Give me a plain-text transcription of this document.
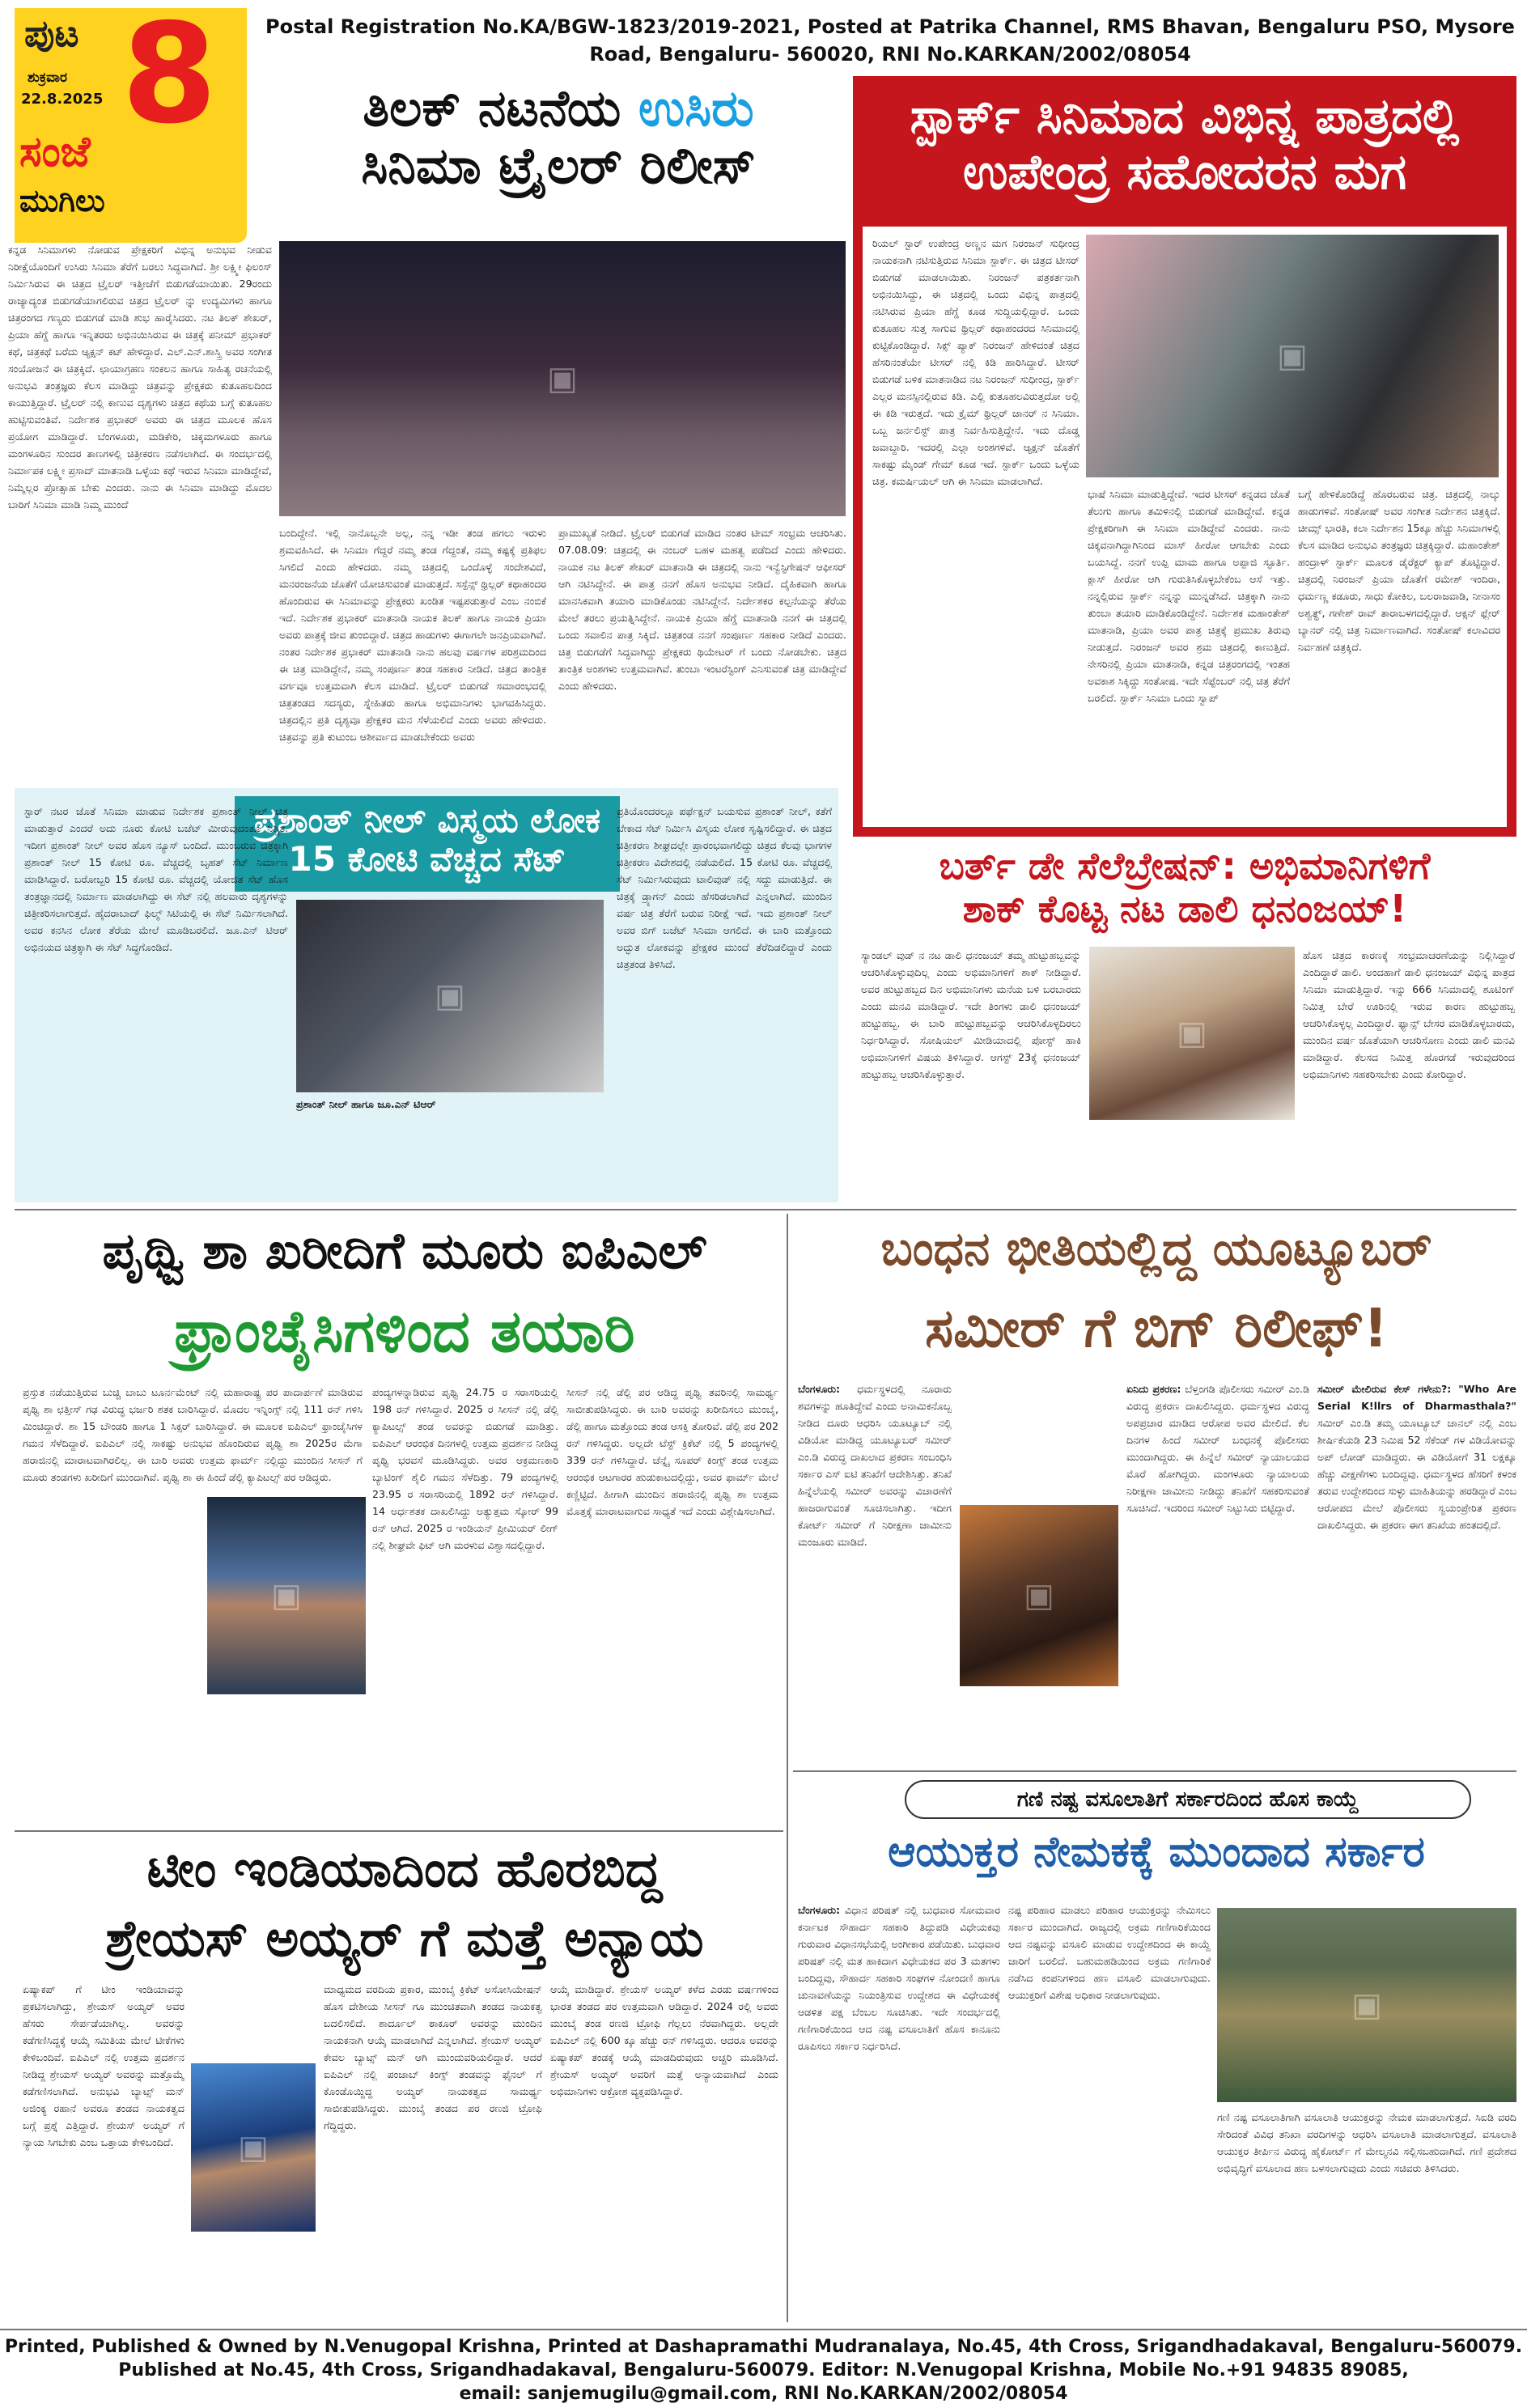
ಪುಟ 8
ಶುಕ್ರವಾರ
22.8.2025
ಸಂಜೆ
ಮುಗಿಲು
Postal Registration No.KA/BGW-1823/2019-2021, Posted at Patrika Channel, RMS Bhavan, Bengaluru PSO, Mysore Road, Bengaluru- 560020, RNI No.KARKAN/2002/08054
ತಿಲಕ್ ನಟನೆಯ ಉಸಿರು
ಸಿನಿಮಾ ಟ್ರೈಲರ್ ರಿಲೀಸ್
▣
ಕನ್ನಡ ಸಿನಿಮಾಗಳು ನೋಡುವ ಪ್ರೇಕ್ಷಕರಿಗೆ ವಿಭಿನ್ನ ಅನುಭವ ನೀಡುವ ನಿರೀಕ್ಷೆಯೊಂದಿಗೆ ಉಸಿರು ಸಿನಿಮಾ ತೆರೆಗೆ ಬರಲು ಸಿದ್ಧವಾಗಿದೆ. ಶ್ರೀ ಲಕ್ಷ್ಮೀ ಫಿಲಂಸ್ ನಿರ್ಮಿಸಿರುವ ಈ ಚಿತ್ರದ ಟ್ರೈಲರ್ ಇತ್ತೀಚೆಗೆ ಬಿಡುಗಡೆಯಾಯಿತು. 29ರಂದು ರಾಜ್ಯಾದ್ಯಂತ ಬಿಡುಗಡೆಯಾಗಲಿರುವ ಚಿತ್ರದ ಟ್ರೈಲರ್ ನ್ನು ಉದ್ಯಮಿಗಳು ಹಾಗೂ ಚಿತ್ರರಂಗದ ಗಣ್ಯರು ಬಿಡುಗಡೆ ಮಾಡಿ ಶುಭ ಹಾರೈಸಿದರು. ನಟ ತಿಲಕ್ ಶೇಖರ್, ಪ್ರಿಯಾ ಹೆಗ್ಡೆ ಹಾಗೂ ಇನ್ನಿತರರು ಅಭಿನಯಿಸಿರುವ ಈ ಚಿತ್ರಕ್ಕೆ ಪನೀಮ್ ಪ್ರಭಾಕರ್ ಕಥೆ, ಚಿತ್ರಕಥೆ ಬರೆದು ಆ್ಯಕ್ಷನ್ ಕಟ್ ಹೇಳಿದ್ದಾರೆ. ಎಲ್.ಎನ್.ಶಾಸ್ತ್ರಿ ಅವರ ಸಂಗೀತ ಸಂಯೋಜನೆ ಈ ಚಿತ್ರಕ್ಕಿದೆ. ಛಾಯಾಗ್ರಹಣ ಸಂಕಲನ ಹಾಗೂ ಸಾಹಿತ್ಯ ರಚನೆಯಲ್ಲಿ ಅನುಭವಿ ತಂತ್ರಜ್ಞರು ಕೆಲಸ ಮಾಡಿದ್ದು ಚಿತ್ರವನ್ನು ಪ್ರೇಕ್ಷಕರು ಕುತೂಹಲದಿಂದ ಕಾಯುತ್ತಿದ್ದಾರೆ. ಟ್ರೈಲರ್ ನಲ್ಲಿ ಕಾಣುವ ದೃಶ್ಯಗಳು ಚಿತ್ರದ ಕಥೆಯ ಬಗ್ಗೆ ಕುತೂಹಲ ಹುಟ್ಟಿಸುವಂತಿವೆ. ನಿರ್ದೇಶಕ ಪ್ರಭಾಕರ್ ಅವರು ಈ ಚಿತ್ರದ ಮೂಲಕ ಹೊಸ ಪ್ರಯೋಗ ಮಾಡಿದ್ದಾರೆ. ಬೆಂಗಳೂರು, ಮಡಿಕೇರಿ, ಚಿಕ್ಕಮಗಳೂರು ಹಾಗೂ ಮಂಗಳೂರಿನ ಸುಂದರ ತಾಣಗಳಲ್ಲಿ ಚಿತ್ರೀಕರಣ ನಡೆಸಲಾಗಿದೆ. ಈ ಸಂದರ್ಭದಲ್ಲಿ ನಿರ್ಮಾಪಕ ಲಕ್ಷ್ಮೀ ಪ್ರಸಾದ್ ಮಾತನಾಡಿ ಒಳ್ಳೆಯ ಕಥೆ ಇರುವ ಸಿನಿಮಾ ಮಾಡಿದ್ದೇವೆ, ನಿಮ್ಮೆಲ್ಲರ ಪ್ರೋತ್ಸಾಹ ಬೇಕು ಎಂದರು. ನಾನು ಈ ಸಿನಿಮಾ ಮಾಡಿದ್ದು ಮೊದಲ ಬಾರಿಗೆ ಸಿನಿಮಾ ಮಾಡಿ ನಿಮ್ಮ ಮುಂದೆ
ಬಂದಿದ್ದೇನೆ. ಇಲ್ಲಿ ನಾನೊಬ್ಬನೇ ಅಲ್ಲ, ನನ್ನ ಇಡೀ ತಂಡ ಹಗಲು ಇರುಳು ಶ್ರಮವಹಿಸಿದೆ. ಈ ಸಿನಿಮಾ ಗೆದ್ದರೆ ನಮ್ಮ ತಂಡ ಗೆದ್ದಂತೆ, ನಮ್ಮ ಕಷ್ಟಕ್ಕೆ ಪ್ರತಿಫಲ ಸಿಗಲಿದೆ ಎಂದು ಹೇಳಿದರು. ನಮ್ಮ ಚಿತ್ರದಲ್ಲಿ ಒಂದೊಳ್ಳೆ ಸಂದೇಶವಿದೆ, ಮನರಂಜನೆಯ ಜೊತೆಗೆ ಯೋಚಿಸುವಂತೆ ಮಾಡುತ್ತದೆ. ಸಸ್ಪೆನ್ಸ್ ಥ್ರಿಲ್ಲರ್ ಕಥಾಹಂದರ ಹೊಂದಿರುವ ಈ ಸಿನಿಮಾವನ್ನು ಪ್ರೇಕ್ಷಕರು ಖಂಡಿತ ಇಷ್ಟಪಡುತ್ತಾರೆ ಎಂಬ ನಂಬಿಕೆ ಇದೆ. ನಿರ್ದೇಶಕ ಪ್ರಭಾಕರ್ ಮಾತನಾಡಿ ನಾಯಕ ತಿಲಕ್ ಹಾಗೂ ನಾಯಕಿ ಪ್ರಿಯಾ ಅವರು ಪಾತ್ರಕ್ಕೆ ಜೀವ ತುಂಬಿದ್ದಾರೆ. ಚಿತ್ರದ ಹಾಡುಗಳು ಈಗಾಗಲೇ ಜನಪ್ರಿಯವಾಗಿವೆ. ನಂತರ ನಿರ್ದೇಶಕ ಪ್ರಭಾಕರ್ ಮಾತನಾಡಿ ನಾನು ಹಲವು ವರ್ಷಗಳ ಪರಿಶ್ರಮದಿಂದ ಈ ಚಿತ್ರ ಮಾಡಿದ್ದೇನೆ, ನಮ್ಮ ಸಂಪೂರ್ಣ ತಂಡ ಸಹಕಾರ ನೀಡಿದೆ. ಚಿತ್ರದ ತಾಂತ್ರಿಕ ವರ್ಗವೂ ಉತ್ತಮವಾಗಿ ಕೆಲಸ ಮಾಡಿದೆ. ಟ್ರೈಲರ್ ಬಿಡುಗಡೆ ಸಮಾರಂಭದಲ್ಲಿ ಚಿತ್ರತಂಡದ ಸದಸ್ಯರು, ಸ್ನೇಹಿತರು ಹಾಗೂ ಅಭಿಮಾನಿಗಳು ಭಾಗವಹಿಸಿದ್ದರು. ಚಿತ್ರದಲ್ಲಿನ ಪ್ರತಿ ದೃಶ್ಯವೂ ಪ್ರೇಕ್ಷಕರ ಮನ ಸೆಳೆಯಲಿದೆ ಎಂದು ಅವರು ಹೇಳಿದರು. ಚಿತ್ರವನ್ನು ಪ್ರತಿ ಕುಟುಂಬ ಆಶೀರ್ವಾದ ಮಾಡಬೇಕೆಂದು ಅವರು
ಪ್ರಾಮುಖ್ಯತೆ ನೀಡಿದೆ. ಟ್ರೈಲರ್ ಬಿಡುಗಡೆ ಮಾಡಿದ ನಂತರ ಟೀಮ್ ಸಂಭ್ರಮ ಆಚರಿಸಿತು. 07.08.09: ಚಿತ್ರದಲ್ಲಿ ಈ ನಂಬರ್ ಬಹಳ ಮಹತ್ವ ಪಡೆದಿದೆ ಎಂದು ಹೇಳಿದರು. ನಾಯಕ ನಟ ತಿಲಕ್ ಶೇಖರ್ ಮಾತನಾಡಿ ಈ ಚಿತ್ರದಲ್ಲಿ ನಾನು ಇನ್ವೆಸ್ಟಿಗೇಷನ್ ಆಫೀಸರ್ ಆಗಿ ನಟಿಸಿದ್ದೇನೆ. ಈ ಪಾತ್ರ ನನಗೆ ಹೊಸ ಅನುಭವ ನೀಡಿದೆ. ದೈಹಿಕವಾಗಿ ಹಾಗೂ ಮಾನಸಿಕವಾಗಿ ತಯಾರಿ ಮಾಡಿಕೊಂಡು ನಟಿಸಿದ್ದೇನೆ. ನಿರ್ದೇಶಕರ ಕಲ್ಪನೆಯನ್ನು ತೆರೆಯ ಮೇಲೆ ತರಲು ಪ್ರಯತ್ನಿಸಿದ್ದೇನೆ. ನಾಯಕಿ ಪ್ರಿಯಾ ಹೆಗ್ಡೆ ಮಾತನಾಡಿ ನನಗೆ ಈ ಚಿತ್ರದಲ್ಲಿ ಒಂದು ಸವಾಲಿನ ಪಾತ್ರ ಸಿಕ್ಕಿದೆ. ಚಿತ್ರತಂಡ ನನಗೆ ಸಂಪೂರ್ಣ ಸಹಕಾರ ನೀಡಿದೆ ಎಂದರು. ಚಿತ್ರ ಬಿಡುಗಡೆಗೆ ಸಿದ್ಧವಾಗಿದ್ದು ಪ್ರೇಕ್ಷಕರು ಥಿಯೇಟರ್ ಗೆ ಬಂದು ನೋಡಬೇಕು. ಚಿತ್ರದ ತಾಂತ್ರಿಕ ಅಂಶಗಳು ಉತ್ತಮವಾಗಿವೆ. ತುಂಬಾ ಇಂಟರೆಸ್ಟಿಂಗ್ ಎನಿಸುವಂತೆ ಚಿತ್ರ ಮಾಡಿದ್ದೇವೆ ಎಂದು ಹೇಳಿದರು.
ಸ್ಪಾರ್ಕ್ ಸಿನಿಮಾದ ವಿಭಿನ್ನ ಪಾತ್ರದಲ್ಲಿ
ಉಪೇಂದ್ರ ಸಹೋದರನ ಮಗ
▣
ರಿಯಲ್ ಸ್ಟಾರ್ ಉಪೇಂದ್ರ ಅಣ್ಣನ ಮಗ ನಿರಂಜನ್ ಸುಧೀಂದ್ರ ನಾಯಕನಾಗಿ ನಟಿಸುತ್ತಿರುವ ಸಿನಿಮಾ ಸ್ಪಾರ್ಕ್. ಈ ಚಿತ್ರದ ಟೀಸರ್ ಬಿಡುಗಡೆ ಮಾಡಲಾಯಿತು. ನಿರಂಜನ್ ಪತ್ರಕರ್ತನಾಗಿ ಅಭಿನಯಿಸಿದ್ದು, ಈ ಚಿತ್ರದಲ್ಲಿ ಒಂದು ವಿಭಿನ್ನ ಪಾತ್ರದಲ್ಲಿ ನಟಿಸಿರುವ ಪ್ರಿಯಾ ಹೆಗ್ಡೆ ಕೂಡ ಸುದ್ದಿಯಲ್ಲಿದ್ದಾರೆ. ಒಂದು ಕುತೂಹಲ ಸುತ್ತ ಸಾಗುವ ಥ್ರಿಲ್ಲರ್ ಕಥಾಹಂದರದ ಸಿನಿಮಾದಲ್ಲಿ ಕುಟ್ಟಿಕೊಂಡಿದ್ದಾರೆ. ಸಿಕ್ಸ್ ಪ್ಯಾಕ್ ನಿರಂಜನ್ ಹೇಳಿದಂತೆ ಚಿತ್ರದ ಹೆಸರಿನಂತೆಯೇ ಟೀಸರ್ ನಲ್ಲಿ ಕಿಡಿ ಹಾರಿಸಿದ್ದಾರೆ. ಟೀಸರ್ ಬಿಡುಗಡೆ ಬಳಿಕ ಮಾತನಾಡಿದ ನಟ ನಿರಂಜನ್ ಸುಧೀಂದ್ರ, ಸ್ಪಾರ್ಕ್ ಎಲ್ಲರ ಮನಸ್ಸಿನಲ್ಲಿರುವ ಕಿಡಿ. ಎಲ್ಲಿ ಕುತೂಹಲವಿರುತ್ತದೋ ಅಲ್ಲಿ ಈ ಕಿಡಿ ಇರುತ್ತದೆ. ಇದು ಕ್ರೈಮ್ ಥ್ರಿಲ್ಲರ್ ಜಾನರ್ ನ ಸಿನಿಮಾ. ಒಬ್ಬ ಜರ್ನಲಿಸ್ಟ್ ಪಾತ್ರ ನಿರ್ವಹಿಸುತ್ತಿದ್ದೇನೆ. ಇದು ದೊಡ್ಡ ಜವಾಬ್ದಾರಿ. ಇದರಲ್ಲಿ ಎಲ್ಲಾ ಅಂಶಗಳಿವೆ. ಆ್ಯಕ್ಷನ್ ಜೊತೆಗೆ ಸಾಕಷ್ಟು ಮೈಂಡ್ ಗೇಮ್ ಕೂಡ ಇದೆ. ಸ್ಪಾರ್ಕ್ ಒಂದು ಒಳ್ಳೆಯ ಚಿತ್ರ. ಕಮರ್ಷಿಯಲ್ ಆಗಿ ಈ ಸಿನಿಮಾ ಮಾಡಲಾಗಿದೆ.
ಭಾಷೆ ಸಿನಿಮಾ ಮಾಡುತ್ತಿದ್ದೇವೆ. ಇದರ ಟೀಸರ್ ಕನ್ನಡದ ಜೊತೆ ತೆಲುಗು ಹಾಗೂ ತಮಿಳಿನಲ್ಲಿ ಬಿಡುಗಡೆ ಮಾಡಿದ್ದೇವೆ. ಕನ್ನಡ ಪ್ರೇಕ್ಷಕರಿಗಾಗಿ ಈ ಸಿನಿಮಾ ಮಾಡಿದ್ದೇವೆ ಎಂದರು. ನಾನು ಚಿಕ್ಕವನಾಗಿದ್ದಾಗಿನಿಂದ ಮಾಸ್ ಹೀರೋ ಆಗಬೇಕು ಎಂದು ಬಯಸಿದ್ದೆ. ನನಗೆ ಉಪ್ಪಿ ಮಾಮ ಹಾಗೂ ಅಪ್ಪಾಜಿ ಸ್ಫೂರ್ತಿ. ಕ್ಲಾಸ್ ಹೀರೋ ಆಗಿ ಗುರುತಿಸಿಕೊಳ್ಳಬೇಕೆಂಬ ಆಸೆ ಇತ್ತು. ನನ್ನಲ್ಲಿರುವ ಸ್ಪಾರ್ಕ್ ನನ್ನನ್ನು ಮುನ್ನಡೆಸಿದೆ. ಚಿತ್ರಕ್ಕಾಗಿ ನಾನು ತುಂಬಾ ತಯಾರಿ ಮಾಡಿಕೊಂಡಿದ್ದೇನೆ. ನಿರ್ದೇಶಕ ಮಹಾಂತೇಶ್ ಮಾತನಾಡಿ, ಪ್ರಿಯಾ ಅವರ ಪಾತ್ರ ಚಿತ್ರಕ್ಕೆ ಪ್ರಮುಖ ತಿರುವು ನೀಡುತ್ತದೆ. ನಿರಂಜನ್ ಅವರ ಶ್ರಮ ಚಿತ್ರದಲ್ಲಿ ಕಾಣುತ್ತಿದೆ. ನೇಸರಿನಲ್ಲಿ ಪ್ರಿಯಾ ಮಾತನಾಡಿ, ಕನ್ನಡ ಚಿತ್ರರಂಗದಲ್ಲಿ ಇಂತಹ ಅವಕಾಶ ಸಿಕ್ಕಿದ್ದು ಸಂತೋಷ. ಇದೇ ಸೆಪ್ಟೆಂಬರ್ ನಲ್ಲಿ ಚಿತ್ರ ತೆರೆಗೆ ಬರಲಿದೆ. ಸ್ಪಾರ್ಕ್ ಸಿನಿಮಾ ಒಂದು ಸ್ವಾಪ್
ಬಗ್ಗೆ ಹೇಳಿಕೊಂಡಿದ್ದೆ ಹೊರಬರುವ ಚಿತ್ರ. ಚಿತ್ರದಲ್ಲಿ ನಾಲ್ಕು ಹಾಡುಗಳಿವೆ. ಸಂತೋಷ್ ಅವರ ಸಂಗೀತ ನಿರ್ದೇಶನ ಚಿತ್ರಕ್ಕಿದೆ. ಚೀಮ್ಸ್ ಭಾರತಿ, ಕಲಾ ನಿರ್ದೇಶನ 15ಕ್ಕೂ ಹೆಚ್ಚು ಸಿನಿಮಾಗಳಲ್ಲಿ ಕೆಲಸ ಮಾಡಿದ ಅನುಭವಿ ತಂತ್ರಜ್ಞರು ಚಿತ್ರಕ್ಕಿದ್ದಾರೆ. ಮಹಾಂತೇಶ್ ಹಂದ್ರಾಳ್ ಸ್ಪಾರ್ಕ್ ಮೂಲಕ ಡೈರೆಕ್ಟರ್ ಕ್ಯಾಪ್ ತೊಟ್ಟಿದ್ದಾರೆ. ಚಿತ್ರದಲ್ಲಿ ನಿರಂಜನ್ ಪ್ರಿಯಾ ಜೊತೆಗೆ ರಮೇಶ್ ಇಂದಿರಾ, ಧರ್ಮಣ್ಣ ಕಡೂರು, ಸಾಧು ಕೋಕಿಲ, ಬಲರಾಜವಾಡಿ, ನೀನಾಸಂ ಅಶ್ವತ್ಥ್, ಗಣೇಶ್ ರಾವ್ ತಾರಾಬಳಗದಲ್ಲಿದ್ದಾರೆ. ಆಕ್ಸನ್ ಫ್ಲೇರ್ ಬ್ಯಾನರ್ ನಲ್ಲಿ ಚಿತ್ರ ನಿರ್ಮಾಣವಾಗಿದೆ. ಸಂತೋಷ್ ಕಲಾವಿದರ ನಿರ್ವಹಣೆ ಚಿತ್ರಕ್ಕಿದೆ.
ಪ್ರಶಾಂತ್ ನೀಲ್ ವಿಸ್ಮಯ ಲೋಕ
15 ಕೋಟಿ ವೆಚ್ಚದ ಸೆಟ್
▣
ಪ್ರಶಾಂತ್ ನೀಲ್ ಹಾಗೂ ಜೂ.ಎನ್ ಟಿಆರ್
ಸ್ಟಾರ್ ನಟರ ಜೊತೆ ಸಿನಿಮಾ ಮಾಡುವ ನಿರ್ದೇಶಕ ಪ್ರಶಾಂತ್ ನೀಲ್ ಚಿತ್ರ ಮಾಡುತ್ತಾರೆ ಎಂದರೆ ಅದು ನೂರು ಕೋಟಿ ಬಜೆಟ್ ಮೀರುವುದಂತೂ ನಿಶ್ಚಿತ. ಇದೀಗ ಪ್ರಶಾಂತ್ ನೀಲ್ ಅವರ ಹೊಸ ನ್ಯೂಸ್ ಬಂದಿದೆ. ಮುಂಬರುವ ಚಿತ್ರಕ್ಕಾಗಿ ಪ್ರಶಾಂತ್ ನೀಲ್ 15 ಕೋಟಿ ರೂ. ವೆಚ್ಚದಲ್ಲಿ ಬೃಹತ್ ಸೆಟ್ ನಿರ್ಮಾಣ ಮಾಡಿಸಿದ್ದಾರೆ. ಬರೋಬ್ಬರಿ 15 ಕೋಟಿ ರೂ. ವೆಚ್ಚದಲ್ಲಿ ಯೋಜಿತ ಸೆಟ್ ಹೊಸ ತಂತ್ರಜ್ಞಾನದಲ್ಲಿ ನಿರ್ಮಾಣ ಮಾಡಲಾಗಿದ್ದು ಈ ಸೆಟ್ ನಲ್ಲಿ ಹಲವಾರು ದೃಶ್ಯಗಳನ್ನು ಚಿತ್ರೀಕರಿಸಲಾಗುತ್ತದೆ. ಹೈದರಾಬಾದ್ ಫಿಲ್ಮ್ ಸಿಟಿಯಲ್ಲಿ ಈ ಸೆಟ್ ನಿರ್ಮಿಸಲಾಗಿದೆ. ಅವರ ಕನಸಿನ ಲೋಕ ತೆರೆಯ ಮೇಲೆ ಮೂಡಿಬರಲಿದೆ. ಜೂ.ಎನ್ ಟಿಆರ್ ಅಭಿನಯದ ಚಿತ್ರಕ್ಕಾಗಿ ಈ ಸೆಟ್ ಸಿದ್ಧಗೊಂಡಿದೆ.
ಪ್ರತಿಯೊಂದರಲ್ಲೂ ಪರ್ಫೆಕ್ಷನ್ ಬಯಸುವ ಪ್ರಶಾಂತ್ ನೀಲ್, ಕತೆಗೆ ಬೇಕಾದ ಸೆಟ್ ನಿರ್ಮಿಸಿ ವಿಸ್ಮಯ ಲೋಕ ಸೃಷ್ಟಿಸಲಿದ್ದಾರೆ. ಈ ಚಿತ್ರದ ಚಿತ್ರೀಕರಣ ಶೀಘ್ರದಲ್ಲೇ ಪ್ರಾರಂಭವಾಗಲಿದ್ದು ಚಿತ್ರದ ಕೆಲವು ಭಾಗಗಳ ಚಿತ್ರೀಕರಣ ವಿದೇಶದಲ್ಲಿ ನಡೆಯಲಿದೆ. 15 ಕೋಟಿ ರೂ. ವೆಚ್ಚದಲ್ಲಿ ಸೆಟ್ ನಿರ್ಮಿಸಿರುವುದು ಟಾಲಿವುಡ್ ನಲ್ಲಿ ಸದ್ದು ಮಾಡುತ್ತಿದೆ. ಈ ಚಿತ್ರಕ್ಕೆ ಡ್ರ್ಯಾಗನ್ ಎಂದು ಹೆಸರಿಡಲಾಗಿದೆ ಎನ್ನಲಾಗಿದೆ. ಮುಂದಿನ ವರ್ಷ ಚಿತ್ರ ತೆರೆಗೆ ಬರುವ ನಿರೀಕ್ಷೆ ಇದೆ. ಇದು ಪ್ರಶಾಂತ್ ನೀಲ್ ಅವರ ಬಿಗ್ ಬಜೆಟ್ ಸಿನಿಮಾ ಆಗಲಿದೆ. ಈ ಬಾರಿ ಮತ್ತೊಂದು ಅದ್ಭುತ ಲೋಕವನ್ನು ಪ್ರೇಕ್ಷಕರ ಮುಂದೆ ತೆರೆದಿಡಲಿದ್ದಾರೆ ಎಂದು ಚಿತ್ರತಂಡ ತಿಳಿಸಿದೆ.
ಬರ್ತ್ ಡೇ ಸೆಲೆಬ್ರೇಷನ್: ಅಭಿಮಾನಿಗಳಿಗೆ
ಶಾಕ್ ಕೊಟ್ಟ ನಟ ಡಾಲಿ ಧನಂಜಯ್!
▣
ಸ್ಯಾಂಡಲ್ ವುಡ್ ನ ನಟ ಡಾಲಿ ಧನಂಜಯ್ ತಮ್ಮ ಹುಟ್ಟುಹಬ್ಬವನ್ನು ಆಚರಿಸಿಕೊಳ್ಳುವುದಿಲ್ಲ ಎಂದು ಅಭಿಮಾನಿಗಳಿಗೆ ಶಾಕ್ ನೀಡಿದ್ದಾರೆ. ಅವರ ಹುಟ್ಟುಹಬ್ಬದ ದಿನ ಅಭಿಮಾನಿಗಳು ಮನೆಯ ಬಳಿ ಬರಬಾರದು ಎಂದು ಮನವಿ ಮಾಡಿದ್ದಾರೆ. ಇದೇ ತಿಂಗಳು ಡಾಲಿ ಧನಂಜಯ್ ಹುಟ್ಟುಹಬ್ಬ. ಈ ಬಾರಿ ಹುಟ್ಟುಹಬ್ಬವನ್ನು ಆಚರಿಸಿಕೊಳ್ಳದಿರಲು ನಿರ್ಧರಿಸಿದ್ದಾರೆ. ಸೋಷಿಯಲ್ ಮೀಡಿಯಾದಲ್ಲಿ ಪೋಸ್ಟ್ ಹಾಕಿ ಅಭಿಮಾನಿಗಳಿಗೆ ವಿಷಯ ತಿಳಿಸಿದ್ದಾರೆ. ಆಗಸ್ಟ್ 23ಕ್ಕೆ ಧನಂಜಯ್ ಹುಟ್ಟುಹಬ್ಬ ಆಚರಿಸಿಕೊಳ್ಳುತ್ತಾರೆ.
ಹೊಸ ಚಿತ್ರದ ಕಾರಣಕ್ಕೆ ಸಂಭ್ರಮಾಚರಣೆಯನ್ನು ನಿಲ್ಲಿಸಿದ್ದಾರೆ ಎಂದಿದ್ದಾರೆ ಡಾಲಿ. ಅಂದಹಾಗೆ ಡಾಲಿ ಧನಂಜಯ್ ವಿಭಿನ್ನ ಪಾತ್ರದ ಸಿನಿಮಾ ಮಾಡುತ್ತಿದ್ದಾರೆ. ಇನ್ನು 666 ಸಿನಿಮಾದಲ್ಲಿ ಶೂಟಿಂಗ್ ನಿಮಿತ್ತ ಬೇರೆ ಊರಿನಲ್ಲಿ ಇರುವ ಕಾರಣ ಹುಟ್ಟುಹಬ್ಬ ಆಚರಿಸಿಕೊಳ್ಳಲ್ಲ ಎಂದಿದ್ದಾರೆ. ಫ್ಯಾನ್ಸ್ ಬೇಸರ ಮಾಡಿಕೊಳ್ಳಬಾರದು, ಮುಂದಿನ ವರ್ಷ ಜೊತೆಯಾಗಿ ಆಚರಿಸೋಣ ಎಂದು ಡಾಲಿ ಮನವಿ ಮಾಡಿದ್ದಾರೆ. ಕೆಲಸದ ನಿಮಿತ್ತ ಹೊರಗಡೆ ಇರುವುದರಿಂದ ಅಭಿಮಾನಿಗಳು ಸಹಕರಿಸಬೇಕು ಎಂದು ಕೋರಿದ್ದಾರೆ.
ಪೃಥ್ವಿ ಶಾ ಖರೀದಿಗೆ ಮೂರು ಐಪಿಎಲ್
ಫ್ರಾಂಚೈಸಿಗಳಿಂದ ತಯಾರಿ
▣
ಪ್ರಸ್ತುತ ನಡೆಯುತ್ತಿರುವ ಬುಚ್ಚಿ ಬಾಬು ಟೂರ್ನಮೆಂಟ್ ನಲ್ಲಿ ಮಹಾರಾಷ್ಟ್ರ ಪರ ಪಾದಾರ್ಪಣೆ ಮಾಡಿರುವ ಪೃಥ್ವಿ ಶಾ ಛತ್ತೀಸ್ ಗಢ ವಿರುದ್ಧ ಭರ್ಜರಿ ಶತಕ ಬಾರಿಸಿದ್ದಾರೆ. ಮೊದಲ ಇನ್ನಿಂಗ್ಸ್ ನಲ್ಲಿ 111 ರನ್ ಗಳಿಸಿ ಮಿಂಚಿದ್ದಾರೆ. ಶಾ 15 ಬೌಂಡರಿ ಹಾಗೂ 1 ಸಿಕ್ಸರ್ ಬಾರಿಸಿದ್ದಾರೆ. ಈ ಮೂಲಕ ಐಪಿಎಲ್ ಫ್ರಾಂಚೈಸಿಗಳ ಗಮನ ಸೆಳೆದಿದ್ದಾರೆ. ಐಪಿಎಲ್ ನಲ್ಲಿ ಸಾಕಷ್ಟು ಅನುಭವ ಹೊಂದಿರುವ ಪೃಥ್ವಿ ಶಾ 2025ರ ಮೆಗಾ ಹರಾಜಿನಲ್ಲಿ ಮಾರಾಟವಾಗಿರಲಿಲ್ಲ. ಈ ಬಾರಿ ಅವರು ಉತ್ತಮ ಫಾರ್ಮ್ ನಲ್ಲಿದ್ದು ಮುಂದಿನ ಸೀಸನ್ ಗೆ ಮೂರು ತಂಡಗಳು ಖರೀದಿಗೆ ಮುಂದಾಗಿವೆ. ಪೃಥ್ವಿ ಶಾ ಈ ಹಿಂದೆ ಡೆಲ್ಲಿ ಕ್ಯಾಪಿಟಲ್ಸ್ ಪರ ಆಡಿದ್ದರು.
ಪಂದ್ಯಗಳನ್ನಾಡಿರುವ ಪೃಥ್ವಿ 24.75 ರ ಸರಾಸರಿಯಲ್ಲಿ 198 ರನ್ ಗಳಿಸಿದ್ದಾರೆ. 2025 ರ ಸೀಸನ್ ನಲ್ಲಿ ಡೆಲ್ಲಿ ಕ್ಯಾಪಿಟಲ್ಸ್ ತಂಡ ಅವರನ್ನು ಬಿಡುಗಡೆ ಮಾಡಿತ್ತು. ಐಪಿಎಲ್ ಆರಂಭಿಕ ದಿನಗಳಲ್ಲಿ ಉತ್ತಮ ಪ್ರದರ್ಶನ ನೀಡಿದ್ದ ಪೃಥ್ವಿ ಭರವಸೆ ಮೂಡಿಸಿದ್ದರು. ಅವರ ಆಕ್ರಮಣಕಾರಿ ಬ್ಯಾಟಿಂಗ್ ಶೈಲಿ ಗಮನ ಸೆಳೆದಿತ್ತು. 79 ಪಂದ್ಯಗಳಲ್ಲಿ 23.95 ರ ಸರಾಸರಿಯಲ್ಲಿ 1892 ರನ್ ಗಳಿಸಿದ್ದಾರೆ. 14 ಅರ್ಧಶತಕ ದಾಖಲಿಸಿದ್ದು ಅತ್ಯುತ್ತಮ ಸ್ಕೋರ್ 99 ರನ್ ಆಗಿದೆ. 2025 ರ ಇಂಡಿಯನ್ ಪ್ರೀಮಿಯರ್ ಲೀಗ್ ನಲ್ಲಿ ಶೀಘ್ರವೇ ಫಿಟ್ ಆಗಿ ಮರಳುವ ವಿಶ್ವಾಸದಲ್ಲಿದ್ದಾರೆ.
ಸೀಸನ್ ನಲ್ಲಿ ಡೆಲ್ಲಿ ಪರ ಆಡಿದ್ದ ಪೃಥ್ವಿ ತವರಿನಲ್ಲಿ ಸಾಮರ್ಥ್ಯ ಸಾಬೀತುಪಡಿಸಿದ್ದರು. ಈ ಬಾರಿ ಅವರನ್ನು ಖರೀದಿಸಲು ಮುಂಬೈ, ಡೆಲ್ಲಿ ಹಾಗೂ ಮತ್ತೊಂದು ತಂಡ ಆಸಕ್ತಿ ತೋರಿವೆ. ಡೆಲ್ಲಿ ಪರ 202 ರನ್ ಗಳಿಸಿದ್ದರು. ಅಲ್ಲದೇ ಟೆಸ್ಟ್ ಕ್ರಿಕೆಟ್ ನಲ್ಲಿ 5 ಪಂದ್ಯಗಳಲ್ಲಿ 339 ರನ್ ಗಳಿಸಿದ್ದಾರೆ. ಚೆನ್ನೈ ಸೂಪರ್ ಕಿಂಗ್ಸ್ ತಂಡ ಉತ್ತಮ ಆರಂಭಿಕ ಆಟಗಾರರ ಹುಡುಕಾಟದಲ್ಲಿದ್ದು, ಅವರ ಫಾರ್ಮ್ ಮೇಲೆ ಕಣ್ಣಿಟ್ಟಿದೆ. ಹೀಗಾಗಿ ಮುಂದಿನ ಹರಾಜಿನಲ್ಲಿ ಪೃಥ್ವಿ ಶಾ ಉತ್ತಮ ಮೊತ್ತಕ್ಕೆ ಮಾರಾಟವಾಗುವ ಸಾಧ್ಯತೆ ಇದೆ ಎಂದು ವಿಶ್ಲೇಷಿಸಲಾಗಿದೆ.
ಬಂಧನ ಭೀತಿಯಲ್ಲಿದ್ದ ಯೂಟ್ಯೂಬರ್
ಸಮೀರ್ ಗೆ ಬಿಗ್ ರಿಲೀಫ್!
▣
ಬೆಂಗಳೂರು: ಧರ್ಮಸ್ಥಳದಲ್ಲಿ ನೂರಾರು ಶವಗಳನ್ನು ಹೂತಿದ್ದೇವೆ ಎಂದು ಅನಾಮಿಕನೊಬ್ಬ ನೀಡಿದ ದೂರು ಆಧರಿಸಿ ಯೂಟ್ಯೂಬ್ ನಲ್ಲಿ ವಿಡಿಯೋ ಮಾಡಿದ್ದ ಯೂಟ್ಯೂಬರ್ ಸಮೀರ್ ಎಂ.ಡಿ ವಿರುದ್ಧ ದಾಖಲಾದ ಪ್ರಕರಣ ಸಂಬಂಧಿಸಿ ಸರ್ಕಾರ ಎಸ್ ಐಟಿ ತನಿಖೆಗೆ ಆದೇಶಿಸಿತ್ತು. ತನಿಖೆ ಹಿನ್ನೆಲೆಯಲ್ಲಿ ಸಮೀರ್ ಅವರನ್ನು ವಿಚಾರಣೆಗೆ ಹಾಜರಾಗುವಂತೆ ಸೂಚಿಸಲಾಗಿತ್ತು. ಇದೀಗ ಕೋರ್ಟ್ ಸಮೀರ್ ಗೆ ನಿರೀಕ್ಷಣಾ ಜಾಮೀನು ಮಂಜೂರು ಮಾಡಿದೆ.
ಏನಿದು ಪ್ರಕರಣ: ಬೆಳ್ತಂಗಡಿ ಪೊಲೀಸರು ಸಮೀರ್ ಎಂ.ಡಿ ವಿರುದ್ಧ ಪ್ರಕರಣ ದಾಖಲಿಸಿದ್ದರು. ಧರ್ಮಸ್ಥಳದ ವಿರುದ್ಧ ಅಪಪ್ರಚಾರ ಮಾಡಿದ ಆರೋಪ ಅವರ ಮೇಲಿದೆ. ಕೆಲ ದಿನಗಳ ಹಿಂದೆ ಸಮೀರ್ ಬಂಧನಕ್ಕೆ ಪೊಲೀಸರು ಮುಂದಾಗಿದ್ದರು. ಈ ಹಿನ್ನೆಲೆ ಸಮೀರ್ ನ್ಯಾಯಾಲಯದ ಮೊರೆ ಹೋಗಿದ್ದರು. ಮಂಗಳೂರು ನ್ಯಾಯಾಲಯ ನಿರೀಕ್ಷಣಾ ಜಾಮೀನು ನೀಡಿದ್ದು ತನಿಖೆಗೆ ಸಹಕರಿಸುವಂತೆ ಸೂಚಿಸಿದೆ. ಇದರಿಂದ ಸಮೀರ್ ನಿಟ್ಟುಸಿರು ಬಿಟ್ಟಿದ್ದಾರೆ.
ಸಮೀರ್ ಮೇಲಿರುವ ಕೇಸ್ ಗಳೇನು?: "Who Are Serial K!llrs of Dharmasthala?" ಸಮೀರ್ ಎಂ.ಡಿ ತಮ್ಮ ಯೂಟ್ಯೂಬ್ ಚಾನಲ್ ನಲ್ಲಿ ಎಂಬ ಶೀರ್ಷಿಕೆಯಡಿ 23 ನಿಮಿಷ 52 ಸೆಕೆಂಡ್ ಗಳ ವಿಡಿಯೋವನ್ನು ಅಪ್ ಲೋಡ್ ಮಾಡಿದ್ದರು. ಈ ವಿಡಿಯೋಗೆ 31 ಲಕ್ಷಕ್ಕೂ ಹೆಚ್ಚು ವೀಕ್ಷಣೆಗಳು ಬಂದಿದ್ದವು. ಧರ್ಮಸ್ಥಳದ ಹೆಸರಿಗೆ ಕಳಂಕ ತರುವ ಉದ್ದೇಶದಿಂದ ಸುಳ್ಳು ಮಾಹಿತಿಯನ್ನು ಹರಡಿದ್ದಾರೆ ಎಂಬ ಆರೋಪದ ಮೇಲೆ ಪೊಲೀಸರು ಸ್ವಯಂಪ್ರೇರಿತ ಪ್ರಕರಣ ದಾಖಲಿಸಿದ್ದರು. ಈ ಪ್ರಕರಣ ಈಗ ತನಿಖೆಯ ಹಂತದಲ್ಲಿದೆ.
ಟೀಂ ಇಂಡಿಯಾದಿಂದ ಹೊರಬಿದ್ದ
ಶ್ರೇಯಸ್ ಅಯ್ಯರ್ ಗೆ ಮತ್ತೆ ಅನ್ಯಾಯ
▣
ಏಷ್ಯಾಕಪ್ ಗೆ ಟೀಂ ಇಂಡಿಯಾವನ್ನು ಪ್ರಕಟಿಸಲಾಗಿದ್ದು, ಶ್ರೇಯಸ್ ಅಯ್ಯರ್ ಅವರ ಹೆಸರು ಸೇರ್ಪಡೆಯಾಗಿಲ್ಲ. ಅವರನ್ನು ಕಡೆಗಣಿಸಿದ್ದಕ್ಕೆ ಆಯ್ಕೆ ಸಮಿತಿಯ ಮೇಲೆ ಟೀಕೆಗಳು ಕೇಳಿಬಂದಿವೆ. ಐಪಿಎಲ್ ನಲ್ಲಿ ಉತ್ತಮ ಪ್ರದರ್ಶನ ನೀಡಿದ್ದ ಶ್ರೇಯಸ್ ಅಯ್ಯರ್ ಅವರನ್ನು ಮತ್ತೊಮ್ಮೆ ಕಡೆಗಣಿಸಲಾಗಿದೆ. ಅನುಭವಿ ಬ್ಯಾಟ್ಸ್ ಮನ್ ಅಜಿಂಕ್ಯ ರಹಾನೆ ಅವರೂ ತಂಡದ ನಾಯಕತ್ವದ ಬಗ್ಗೆ ಪ್ರಶ್ನೆ ಎತ್ತಿದ್ದಾರೆ. ಶ್ರೇಯಸ್ ಅಯ್ಯರ್ ಗೆ ನ್ಯಾಯ ಸಿಗಬೇಕು ಎಂಬ ಒತ್ತಾಯ ಕೇಳಿಬಂದಿದೆ.
ಮಾಧ್ಯಮದ ವರದಿಯ ಪ್ರಕಾರ, ಮುಂಬೈ ಕ್ರಿಕೆಟ್ ಅಸೋಸಿಯೇಷನ್ ಹೊಸ ದೇಶೀಯ ಸೀಸನ್ ಗೂ ಮುಂಚಿತವಾಗಿ ತಂಡದ ನಾಯಕತ್ವ ಬದಲಿಸಲಿದೆ. ಶಾರ್ದೂಲ್ ಠಾಕೂರ್ ಅವರನ್ನು ಮುಂದಿನ ನಾಯಕನಾಗಿ ಆಯ್ಕೆ ಮಾಡಲಾಗಿದೆ ಎನ್ನಲಾಗಿದೆ. ಶ್ರೇಯಸ್ ಅಯ್ಯರ್ ಕೇವಲ ಬ್ಯಾಟ್ಸ್ ಮನ್ ಆಗಿ ಮುಂದುವರಿಯಲಿದ್ದಾರೆ. ಆದರೆ ಐಪಿಎಲ್ ನಲ್ಲಿ ಪಂಜಾಬ್ ಕಿಂಗ್ಸ್ ತಂಡವನ್ನು ಫೈನಲ್ ಗೆ ಕೊಂಡೊಯ್ದಿದ್ದ ಅಯ್ಯರ್ ನಾಯಕತ್ವದ ಸಾಮರ್ಥ್ಯ ಸಾಬೀತುಪಡಿಸಿದ್ದರು. ಮುಂಬೈ ತಂಡದ ಪರ ರಣಜಿ ಟ್ರೋಫಿ ಗೆದ್ದಿದ್ದರು.
ಆಯ್ಕೆ ಮಾಡಿದ್ದಾರೆ. ಶ್ರೇಯಸ್ ಅಯ್ಯರ್ ಕಳೆದ ಎರಡು ವರ್ಷಗಳಿಂದ ಭಾರತ ತಂಡದ ಪರ ಉತ್ತಮವಾಗಿ ಆಡಿದ್ದಾರೆ. 2024 ರಲ್ಲಿ ಅವರು ಮುಂಬೈ ತಂಡ ರಣಜಿ ಟ್ರೋಫಿ ಗೆಲ್ಲಲು ನೆರವಾಗಿದ್ದರು. ಅಲ್ಲದೇ ಐಪಿಎಲ್ ನಲ್ಲಿ 600 ಕ್ಕೂ ಹೆಚ್ಚು ರನ್ ಗಳಿಸಿದ್ದರು. ಆದರೂ ಅವರನ್ನು ಏಷ್ಯಾಕಪ್ ತಂಡಕ್ಕೆ ಆಯ್ಕೆ ಮಾಡದಿರುವುದು ಅಚ್ಚರಿ ಮೂಡಿಸಿದೆ. ಶ್ರೇಯಸ್ ಅಯ್ಯರ್ ಅವರಿಗೆ ಮತ್ತೆ ಅನ್ಯಾಯವಾಗಿದೆ ಎಂದು ಅಭಿಮಾನಿಗಳು ಆಕ್ರೋಶ ವ್ಯಕ್ತಪಡಿಸಿದ್ದಾರೆ.
ಗಣಿ ನಷ್ಟ ವಸೂಲಾತಿಗೆ ಸರ್ಕಾರದಿಂದ ಹೊಸ ಕಾಯ್ದೆ
ಆಯುಕ್ತರ ನೇಮಕಕ್ಕೆ ಮುಂದಾದ ಸರ್ಕಾರ
▣
ಬೆಂಗಳೂರು: ವಿಧಾನ ಪರಿಷತ್ ನಲ್ಲಿ ಬುಧವಾರ ಸೋಮವಾರ ಕರ್ನಾಟಕ ಸೌಹಾರ್ದ ಸಹಕಾರಿ ತಿದ್ದುಪಡಿ ವಿಧೇಯಕವು ಗುರುವಾರ ವಿಧಾನಸಭೆಯಲ್ಲಿ ಅಂಗೀಕಾರ ಪಡೆಯಿತು. ಬುಧವಾರ ಪರಿಷತ್ ನಲ್ಲಿ ಮತ ಹಾಕಿದಾಗ ವಿಧೇಯಕದ ಪರ 3 ಮತಗಳು ಬಂದಿದ್ದವು, ಸೌಹಾರ್ದ ಸಹಕಾರಿ ಸಂಘಗಳ ನೋಂದಣಿ ಹಾಗೂ ಚುನಾವಣೆಯನ್ನು ನಿಯಂತ್ರಿಸುವ ಉದ್ದೇಶದ ಈ ವಿಧೇಯಕಕ್ಕೆ ಆಡಳಿತ ಪಕ್ಷ ಬೆಂಬಲ ಸೂಚಿಸಿತು. ಇದೇ ಸಂದರ್ಭದಲ್ಲಿ ಗಣಿಗಾರಿಕೆಯಿಂದ ಆದ ನಷ್ಟ ವಸೂಲಾತಿಗೆ ಹೊಸ ಕಾನೂನು ರೂಪಿಸಲು ಸರ್ಕಾರ ನಿರ್ಧರಿಸಿದೆ.
ನಷ್ಟ ಪರಿಹಾರ ಮಾಡಲು ಪರಿಹಾರ ಆಯುಕ್ತರನ್ನು ನೇಮಿಸಲು ಸರ್ಕಾರ ಮುಂದಾಗಿದೆ. ರಾಜ್ಯದಲ್ಲಿ ಅಕ್ರಮ ಗಣಿಗಾರಿಕೆಯಿಂದ ಆದ ನಷ್ಟವನ್ನು ವಸೂಲಿ ಮಾಡುವ ಉದ್ದೇಶದಿಂದ ಈ ಕಾಯ್ದೆ ಜಾರಿಗೆ ಬರಲಿದೆ. ಬಹುಮಹಡಿಯಿಂದ ಅಕ್ರಮ ಗಣಿಗಾರಿಕೆ ನಡೆಸಿದ ಕಂಪನಿಗಳಿಂದ ಹಣ ವಸೂಲಿ ಮಾಡಲಾಗುವುದು. ಆಯುಕ್ತರಿಗೆ ವಿಶೇಷ ಅಧಿಕಾರ ನೀಡಲಾಗುವುದು.
ಗಣಿ ನಷ್ಟ ವಸೂಲಾತಿಗಾಗಿ ವಸೂಲಾತಿ ಆಯುಕ್ತರನ್ನು ನೇಮಕ ಮಾಡಲಾಗುತ್ತದೆ. ಸಿಐಡಿ ವರದಿ ಸೇರಿದಂತೆ ವಿವಿಧ ತನಿಖಾ ವರದಿಗಳನ್ನು ಆಧರಿಸಿ ವಸೂಲಾತಿ ಮಾಡಲಾಗುತ್ತದೆ. ವಸೂಲಾತಿ ಆಯುಕ್ತರ ತೀರ್ಪಿನ ವಿರುದ್ಧ ಹೈಕೋರ್ಟ್ ಗೆ ಮೇಲ್ಮನವಿ ಸಲ್ಲಿಸಬಹುದಾಗಿದೆ. ಗಣಿ ಪ್ರದೇಶದ ಅಭಿವೃದ್ಧಿಗೆ ವಸೂಲಾದ ಹಣ ಬಳಸಲಾಗುವುದು ಎಂದು ಸಚಿವರು ತಿಳಿಸಿದರು.
Printed, Published & Owned by N.Venugopal Krishna, Printed at Dashapramathi Mudranalaya, No.45, 4th Cross, Srigandhadakaval, Bengaluru-560079.
Published at No.45, 4th Cross, Srigandhadakaval, Bengaluru-560079. Editor: N.Venugopal Krishna, Mobile No.+91 94835 89085,
email: sanjemugilu@gmail.com, RNI No.KARKAN/2002/08054
